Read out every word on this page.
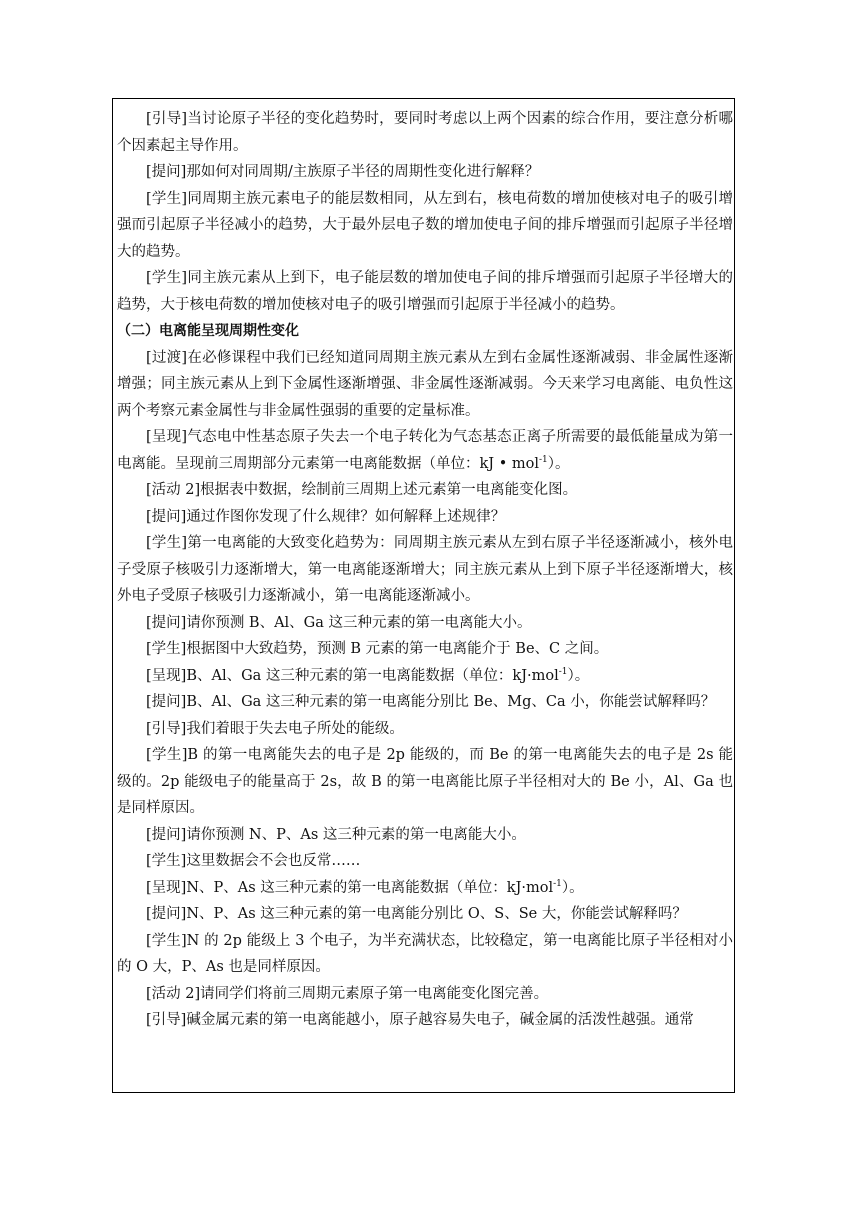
[引导]当讨论原子半径的变化趋势时，要同时考虑以上两个因素的综合作用，要注意分析哪个因素起主导作用。

[提问]那如何对同周期/主族原子半径的周期性变化进行解释？

[学生]同周期主族元素电子的能层数相同，从左到右，核电荷数的增加使核对电子的吸引增强而引起原子半径减小的趋势，大于最外层电子数的增加使电子间的排斥增强而引起原子半径增大的趋势。

[学生]同主族元素从上到下，电子能层数的增加使电子间的排斥增强而引起原子半径增大的趋势，大于核电荷数的增加使核对电子的吸引增强而引起原于半径减小的趋势。

（二）电离能呈现周期性变化

[过渡]在必修课程中我们已经知道同周期主族元素从左到右金属性逐渐减弱、非金属性逐渐增强；同主族元素从上到下金属性逐渐增强、非金属性逐渐减弱。今天来学习电离能、电负性这两个考察元素金属性与非金属性强弱的重要的定量标准。

[呈现]气态电中性基态原子失去一个电子转化为气态基态正离子所需要的最低能量成为第一电离能。呈现前三周期部分元素第一电离能数据（单位：kJ • mol$^{-1}$）。

[活动 2]根据表中数据，绘制前三周期上述元素第一电离能变化图。

[提问]通过作图你发现了什么规律？如何解释上述规律？

[学生]第一电离能的大致变化趋势为：同周期主族元素从左到右原子半径逐渐减小，核外电子受原子核吸引力逐渐增大，第一电离能逐渐增大；同主族元素从上到下原子半径逐渐增大，核外电子受原子核吸引力逐渐减小，第一电离能逐渐减小。

[提问]请你预测 B、Al、Ga 这三种元素的第一电离能大小。

[学生]根据图中大致趋势，预测 B 元素的第一电离能介于 Be、C 之间。

[呈现]B、Al、Ga 这三种元素的第一电离能数据（单位：kJ·mol$^{-1}$）。

[提问]B、Al、Ga 这三种元素的第一电离能分别比 Be、Mg、Ca 小，你能尝试解释吗？

[引导]我们着眼于失去电子所处的能级。

[学生]B 的第一电离能失去的电子是 2p 能级的，而 Be 的第一电离能失去的电子是 2s 能级的。2p 能级电子的能量高于 2s，故 B 的第一电离能比原子半径相对大的 Be 小，Al、Ga 也是同样原因。

[提问]请你预测 N、P、As 这三种元素的第一电离能大小。

[学生]这里数据会不会也反常……

[呈现]N、P、As 这三种元素的第一电离能数据（单位：kJ·mol$^{-1}$）。

[提问]N、P、As 这三种元素的第一电离能分别比 O、S、Se 大，你能尝试解释吗？

[学生]N 的 2p 能级上 3 个电子，为半充满状态，比较稳定，第一电离能比原子半径相对小的 O 大，P、As 也是同样原因。

[活动 2]请同学们将前三周期元素原子第一电离能变化图完善。

[引导]碱金属元素的第一电离能越小，原子越容易失电子，碱金属的活泼性越强。通常
